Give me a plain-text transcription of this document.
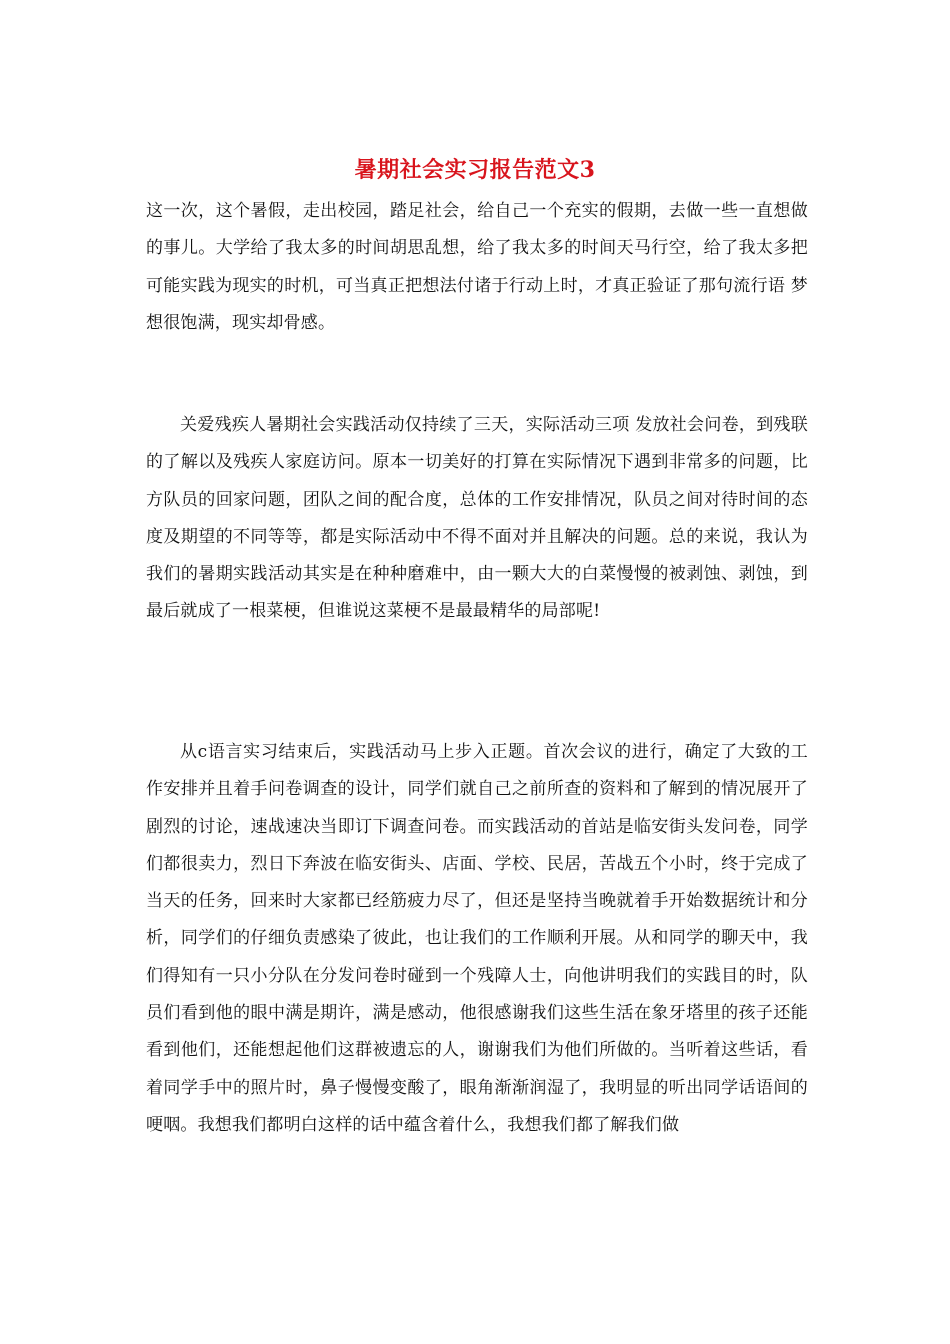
暑期社会实习报告范文3

这一次，这个暑假，走出校园，踏足社会，给自己一个充实的假期，去做一些一直想做的事儿。大学给了我太多的时间胡思乱想，给了我太多的时间天马行空，给了我太多把可能实践为现实的时机，可当真正把想法付诸于行动上时，才真正验证了那句流行语 梦想很饱满，现实却骨感。

关爱残疾人暑期社会实践活动仅持续了三天，实际活动三项 发放社会问卷，到残联的了解以及残疾人家庭访问。原本一切美好的打算在实际情况下遇到非常多的问题，比方队员的回家问题，团队之间的配合度，总体的工作安排情况，队员之间对待时间的态度及期望的不同等等，都是实际活动中不得不面对并且解决的问题。总的来说，我认为我们的暑期实践活动其实是在种种磨难中，由一颗大大的白菜慢慢的被剥蚀、剥蚀，到最后就成了一根菜梗，但谁说这菜梗不是最最精华的局部呢!

从c语言实习结束后，实践活动马上步入正题。首次会议的进行，确定了大致的工作安排并且着手问卷调查的设计，同学们就自己之前所查的资料和了解到的情况展开了剧烈的讨论，速战速决当即订下调查问卷。而实践活动的首站是临安街头发问卷，同学们都很卖力，烈日下奔波在临安街头、店面、学校、民居，苦战五个小时，终于完成了当天的任务，回来时大家都已经筋疲力尽了，但还是坚持当晚就着手开始数据统计和分析，同学们的仔细负责感染了彼此，也让我们的工作顺利开展。从和同学的聊天中，我们得知有一只小分队在分发问卷时碰到一个残障人士，向他讲明我们的实践目的时，队员们看到他的眼中满是期许，满是感动，他很感谢我们这些生活在象牙塔里的孩子还能看到他们，还能想起他们这群被遗忘的人，谢谢我们为他们所做的。当听着这些话，看着同学手中的照片时，鼻子慢慢变酸了，眼角渐渐润湿了，我明显的听出同学话语间的哽咽。我想我们都明白这样的话中蕴含着什么，我想我们都了解我们做
